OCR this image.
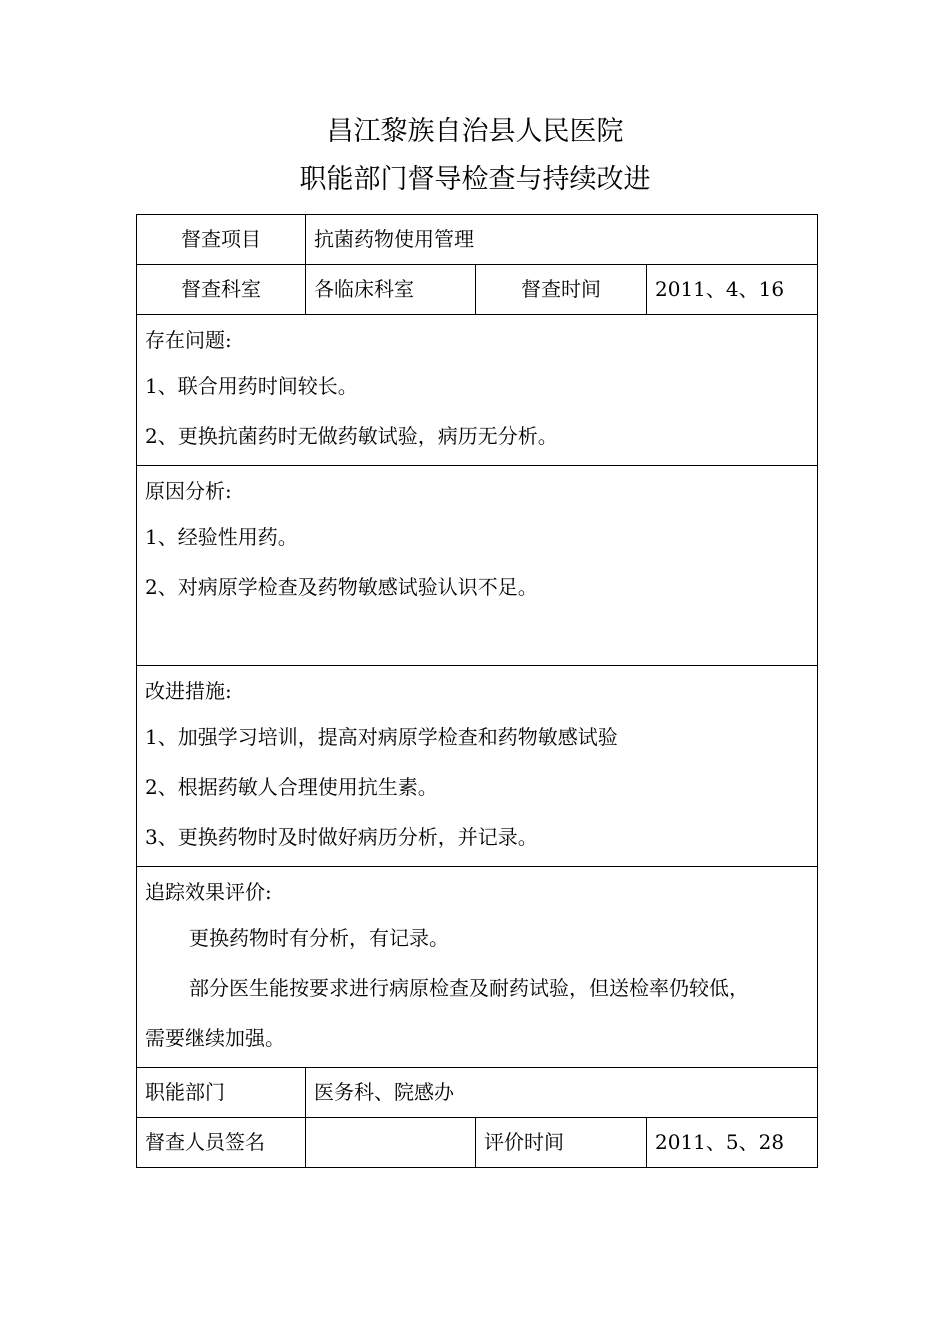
昌江黎族自治县人民医院
职能部门督导检查与持续改进
督查项目	抗菌药物使用管理		

督查科室	各临床科室	督查时间	2011、4、16

存在问题:
1、联合用药时间较长。
2、更换抗菌药时无做药敏试验，病历无分析。			

原因分析:
1、经验性用药。
2、对病原学检查及药物敏感试验认识不足。			

改进措施:
1、加强学习培训，提高对病原学检查和药物敏感试验
2、根据药敏人合理使用抗生素。
3、更换药物时及时做好病历分析，并记录。			

追踪效果评价:
更换药物时有分析，有记录。
部分医生能按要求进行病原检查及耐药试验，但送检率仍较低，
需要继续加强。			

职能部门	医务科、院感办		

督查人员签名		评价时间	2011、5、28
